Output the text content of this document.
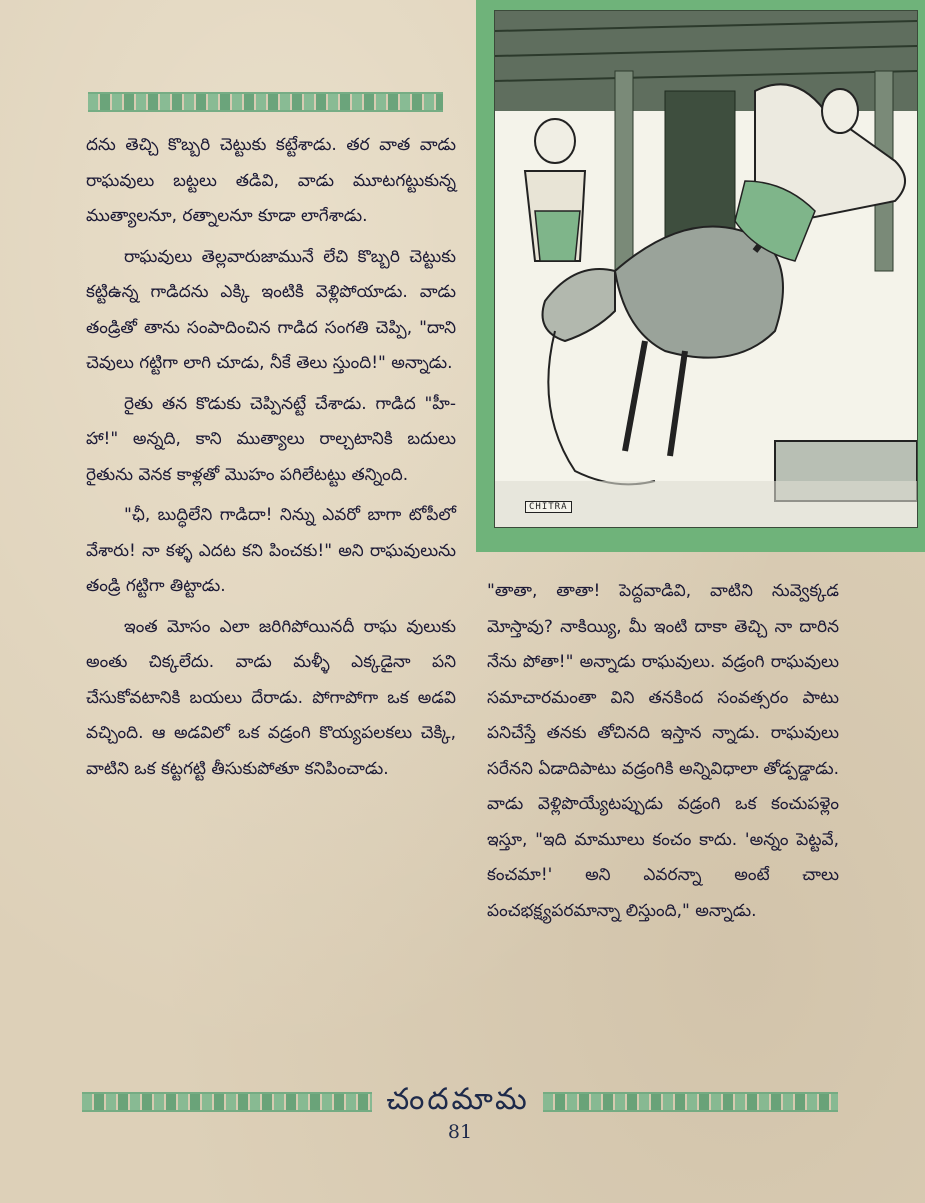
దను తెచ్చి కొబ్బరి చెట్టుకు కట్టేశాడు. తర వాత వాడు రాఘవులు బట్టలు తడివి, వాడు మూటగట్టుకున్న ముత్యాలనూ, రత్నాలనూ కూడా లాగేశాడు.

రాఘవులు తెల్లవారుజామునే లేచి కొబ్బరి చెట్టుకు కట్టిఉన్న గాడిదను ఎక్కి ఇంటికి వెళ్లిపోయాడు. వాడు తండ్రితో తాను సంపాదించిన గాడిద సంగతి చెప్పి, "దాని చెవులు గట్టిగా లాగి చూడు, నీకే తెలు స్తుంది!" అన్నాడు.

రైతు తన కొడుకు చెప్పినట్టే చేశాడు. గాడిద "హీ-హా!" అన్నది, కాని ముత్యాలు రాల్చటానికి బదులు రైతును వెనక కాళ్లతో మొహం పగిలేటట్టు తన్నింది.

"ఛీ, బుద్ధిలేని గాడిదా! నిన్ను ఎవరో బాగా టోపీలో వేశారు! నా కళ్ళ ఎదట కని పించకు!" అని రాఘవులును తండ్రి గట్టిగా తిట్టాడు.

ఇంత మోసం ఎలా జరిగిపోయినదీ రాఘ వులుకు అంతు చిక్కలేదు. వాడు మళ్ళీ ఎక్కడైనా పని చేసుకోవటానికి బయలు దేరాడు. పోగాపోగా ఒక అడవి వచ్చింది. ఆ అడవిలో ఒక వడ్రంగి కొయ్యపలకలు చెక్కి, వాటిని ఒక కట్టగట్టి తీసుకుపోతూ కనిపించాడు.

CHITRA

"తాతా, తాతా! పెద్దవాడివి, వాటిని నువ్వెక్కడ మోస్తావు? నాకియ్యి, మీ ఇంటి దాకా తెచ్చి నా దారిన నేను పోతా!" అన్నాడు రాఘవులు. వడ్రంగి రాఘవులు సమాచారమంతా విని తనకింద సంవత్సరం పాటు పనిచేస్తే తనకు తోచినది ఇస్తాన న్నాడు. రాఘవులు సరేనని ఏడాదిపాటు వడ్రంగికి అన్నివిధాలా తోడ్పడ్డాడు. వాడు వెళ్లిపొయ్యేటప్పుడు వడ్రంగి ఒక కంచుపళ్లెం ఇస్తూ, "ఇది మామూలు కంచం కాదు. 'అన్నం పెట్టవే, కంచమా!' అని ఎవరన్నా అంటే చాలు పంచభక్ష్యపరమాన్నా లిస్తుంది," అన్నాడు.

చందమామ
81
